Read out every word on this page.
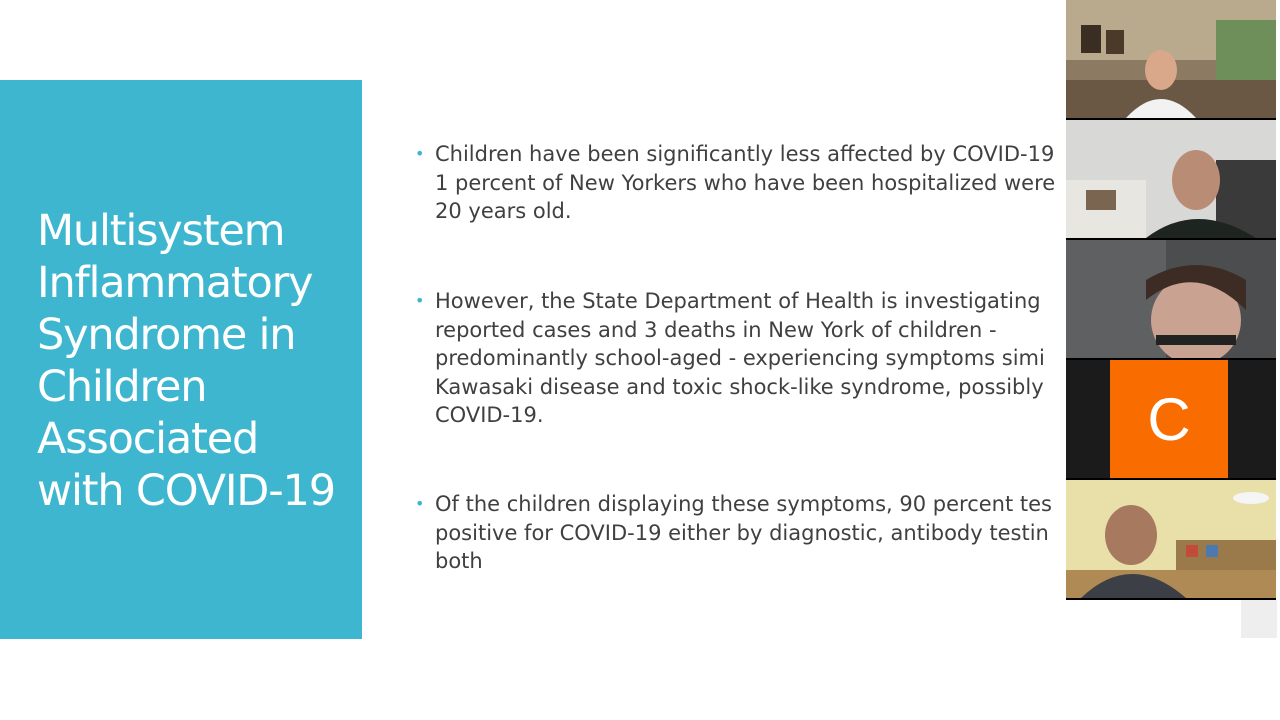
Multisystem Inflammatory Syndrome in Children Associated with COVID-19
• Children have been significantly less affected by COVID-19
1 percent of New Yorkers who have been hospitalized were
20 years old.
• However, the State Department of Health is investigating
reported cases and 3 deaths in New York of children -
predominantly school-aged - experiencing symptoms simi
Kawasaki disease and toxic shock-like syndrome, possibly
COVID-19.
• Of the children displaying these symptoms, 90 percent tes
positive for COVID-19 either by diagnostic, antibody testin
both
C
